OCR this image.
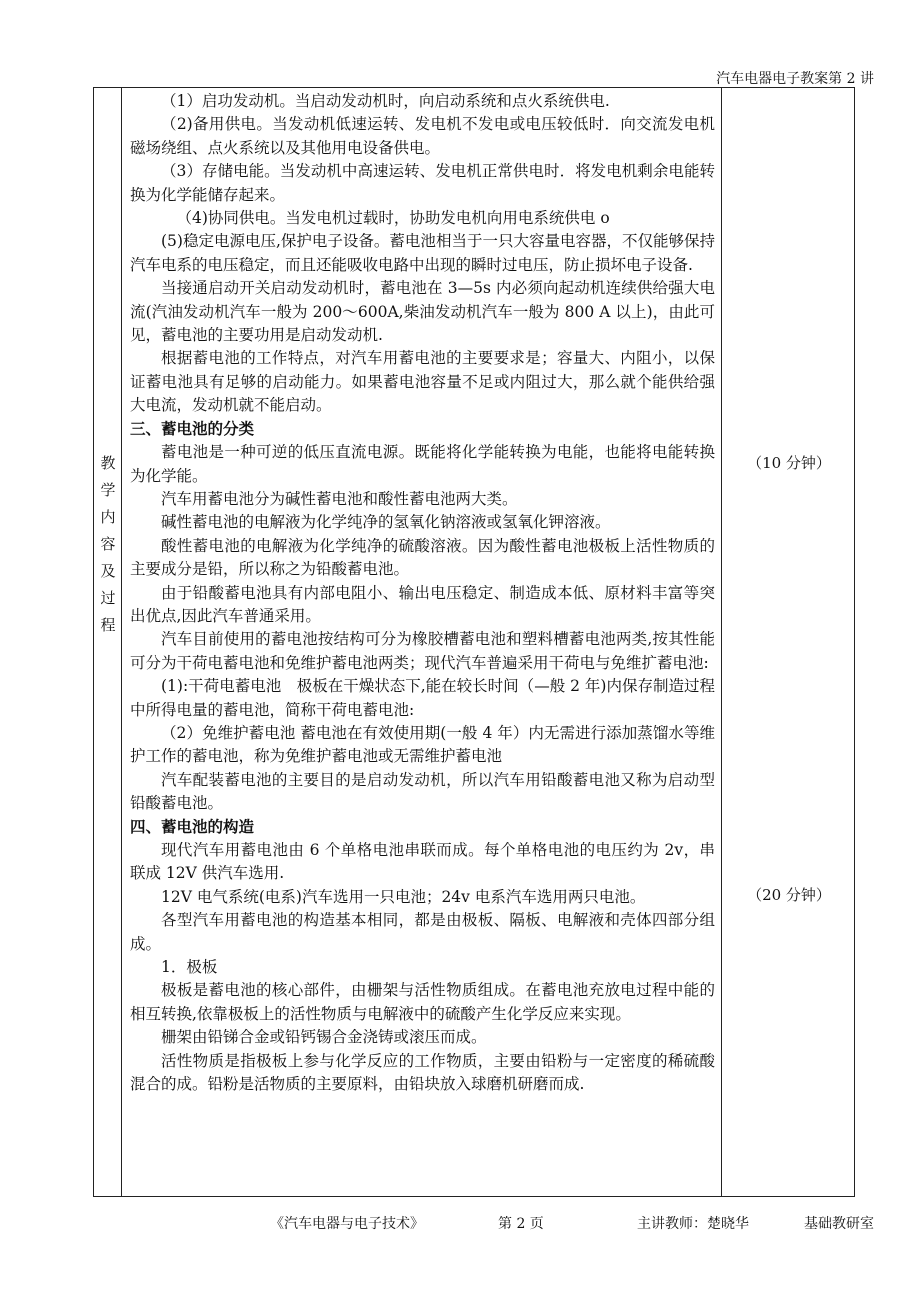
汽车电器电子教案第 2 讲
教学内容及过程

（1）启功发动机。当启动发动机时，向启动系统和点火系统供电.

（2)备用供电。当发动机低速运转、发电机不发电或电压较低时．向交流发电机磁场绕组、点火系统以及其他用电设备供电。

（3）存储电能。当发动机中高速运转、发电机正常供电时．将发电机剩余电能转换为化学能储存起来。

（4)协同供电。当发电机过载时，协助发电机向用电系统供电 o

(5)稳定电源电压,保护电子设备。蓄电池相当于一只大容量电容器，不仅能够保持汽车电系的电压稳定，而且还能吸收电路中出现的瞬时过电压，防止损坏电子设备.

当接通启动开关启动发动机时，蓄电池在 3—5s 内必须向起动机连续供给强大电流(汽油发动机汽车一般为 200～600A,柴油发动机汽车一般为 800 A 以上)，由此可见，蓄电池的主要功用是启动发动机.

根据蓄电池的工作特点，对汽车用蓄电池的主要要求是；容量大、内阻小，以保证蓄电池具有足够的启动能力。如果蓄电池容量不足或内阻过大，那么就个能供给强大电流，发动机就不能启动。

三、蓄电池的分类

蓄电池是一种可逆的低压直流电源。既能将化学能转换为电能，也能将电能转换为化学能。

汽车用蓄电池分为碱性蓄电池和酸性蓄电池两大类。

碱性蓄电池的电解液为化学纯净的氢氧化钠溶液或氢氧化钾溶液。

酸性蓄电池的电解液为化学纯净的硫酸溶液。因为酸性蓄电池极板上活性物质的主要成分是铅，所以称之为铅酸蓄电池。

由于铅酸蓄电池具有内部电阻小、输出电压稳定、制造成本低、原材料丰富等突出优点,因此汽车普通采用。

汽车目前使用的蓄电池按结构可分为橡胶槽蓄电池和塑料槽蓄电池两类,按其性能可分为干荷电蓄电池和免维护蓄电池两类；现代汽车普遍采用干荷电与免维扩蓄电池:

(1):干荷电蓄电池　极板在干燥状态下,能在较长时间（—般 2 年)内保存制造过程中所得电量的蓄电池，简称干荷电蓄电池:

（2）免维护蓄电池 蓄电池在有效使用期(一般 4 年）内无需进行添加蒸馏水等维护工作的蓄电池，称为免维护蓄电池或无需维护蓄电池

汽车配装蓄电池的主要目的是启动发动机，所以汽车用铅酸蓄电池又称为启动型铅酸蓄电池。

四、蓄电池的构造

现代汽车用蓄电池由 6 个单格电池串联而成。每个单格电池的电压约为 2v，串联成 12V 供汽车选用.

12V 电气系统(电系)汽车选用一只电池；24v 电系汽车选用两只电池。

各型汽车用蓄电池的构造基本相同，都是由极板、隔板、电解液和壳体四部分组成。

1．极板

极板是蓄电池的核心部件，由栅架与活性物质组成。在蓄电池充放电过程中能的相互转换,依靠极板上的活性物质与电解液中的硫酸产生化学反应来实现。

栅架由铅锑合金或铅钙锡合金浇铸或滚压而成。

活性物质是指极板上参与化学反应的工作物质，主要由铅粉与一定密度的稀硫酸混合的成。铅粉是活物质的主要原料，由铅块放入球磨机研磨而成.

（10 分钟）
（20 分钟）
《汽车电器与电子技术》	第 2 页	主讲教师：楚晓华	基础教研室
